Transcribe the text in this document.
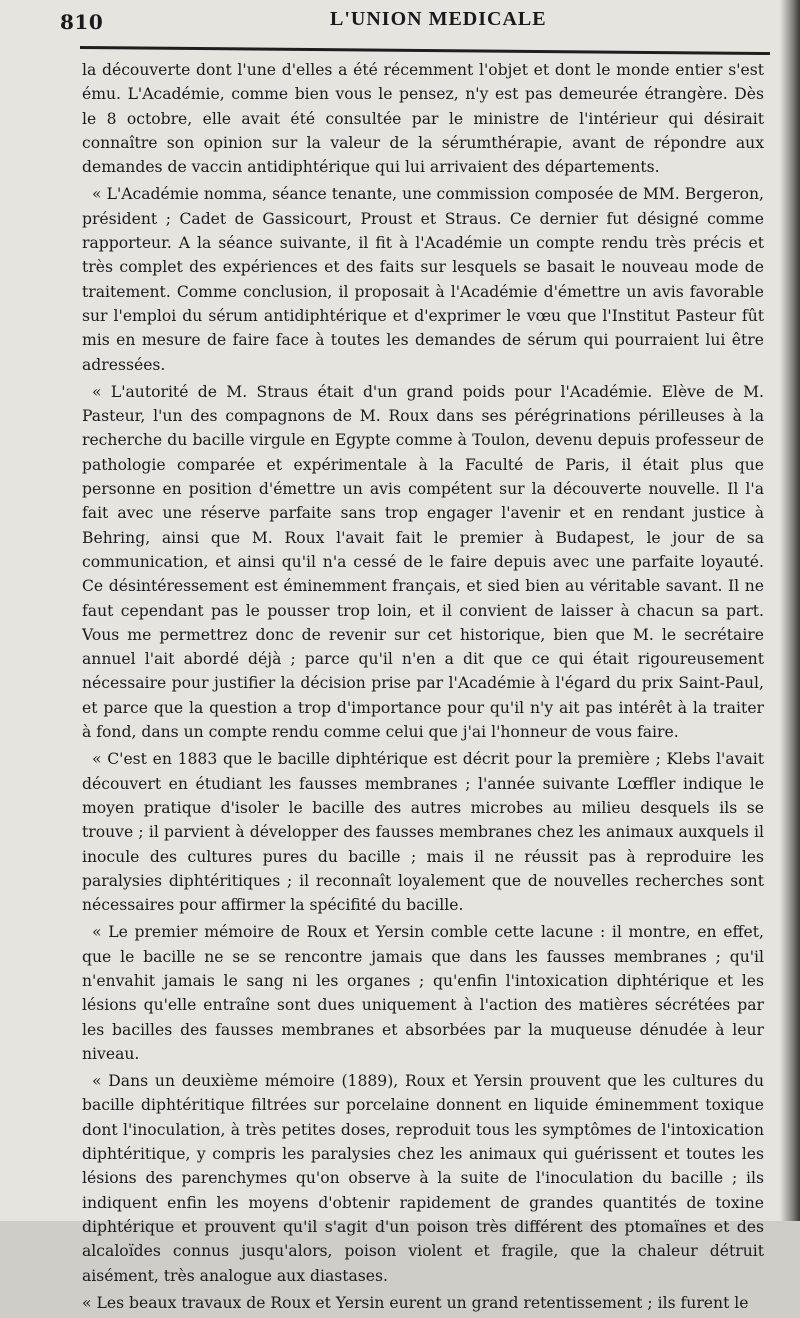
810	L'UNION MEDICALE

la découverte dont l'une d'elles a été récemment l'objet et dont le monde entier s'est ému. L'Académie, comme bien vous le pensez, n'y est pas demeurée étrangère. Dès le 8 octobre, elle avait été consultée par le ministre de l'intérieur qui désirait connaître son opinion sur la valeur de la sérumthérapie, avant de répondre aux demandes de vaccin antidiphtérique qui lui arrivaient des départements.

« L'Académie nomma, séance tenante, une commission composée de MM. Bergeron, président ; Cadet de Gassicourt, Proust et Straus. Ce dernier fut désigné comme rapporteur. A la séance suivante, il fit à l'Académie un compte rendu très précis et très complet des expériences et des faits sur lesquels se basait le nouveau mode de traitement. Comme conclusion, il proposait à l'Académie d'émettre un avis favorable sur l'emploi du sérum antidiphtérique et d'exprimer le vœu que l'Institut Pasteur fût mis en mesure de faire face à toutes les demandes de sérum qui pourraient lui être adressées.

« L'autorité de M. Straus était d'un grand poids pour l'Académie. Elève de M. Pasteur, l'un des compagnons de M. Roux dans ses pérégrinations périlleuses à la recherche du bacille virgule en Egypte comme à Toulon, devenu depuis professeur de pathologie comparée et expérimentale à la Faculté de Paris, il était plus que personne en position d'émettre un avis compétent sur la découverte nouvelle. Il l'a fait avec une réserve parfaite sans trop engager l'avenir et en rendant justice à Behring, ainsi que M. Roux l'avait fait le premier à Budapest, le jour de sa communication, et ainsi qu'il n'a cessé de le faire depuis avec une parfaite loyauté. Ce désintéressement est éminemment français, et sied bien au véritable savant. Il ne faut cependant pas le pousser trop loin, et il convient de laisser à chacun sa part. Vous me permettrez donc de revenir sur cet historique, bien que M. le secrétaire annuel l'ait abordé déjà ; parce qu'il n'en a dit que ce qui était rigoureusement nécessaire pour justifier la décision prise par l'Académie à l'égard du prix Saint-Paul, et parce que la question a trop d'importance pour qu'il n'y ait pas intérêt à la traiter à fond, dans un compte rendu comme celui que j'ai l'honneur de vous faire.

« C'est en 1883 que le bacille diphtérique est décrit pour la première ; Klebs l'avait découvert en étudiant les fausses membranes ; l'année suivante Lœffler indique le moyen pratique d'isoler le bacille des autres microbes au milieu desquels ils se trouve ; il parvient à développer des fausses membranes chez les animaux auxquels il inocule des cultures pures du bacille ; mais il ne réussit pas à reproduire les paralysies diphtéritiques ; il reconnaît loyalement que de nouvelles recherches sont nécessaires pour affirmer la spécifité du bacille.

« Le premier mémoire de Roux et Yersin comble cette lacune : il montre, en effet, que le bacille ne se se rencontre jamais que dans les fausses membranes ; qu'il n'envahit jamais le sang ni les organes ; qu'enfin l'intoxication diphtérique et les lésions qu'elle entraîne sont dues uniquement à l'action des matières sécrétées par les bacilles des fausses membranes et absorbées par la muqueuse dénudée à leur niveau.

« Dans un deuxième mémoire (1889), Roux et Yersin prouvent que les cultures du bacille diphtéritique filtrées sur porcelaine donnent en liquide éminemment toxique dont l'inoculation, à très petites doses, reproduit tous les symptômes de l'intoxication diphtéritique, y compris les paralysies chez les animaux qui guérissent et toutes les lésions des parenchymes qu'on observe à la suite de l'inoculation du bacille ; ils indiquent enfin les moyens d'obtenir rapidement de grandes quantités de toxine diphtérique et prouvent qu'il s'agit d'un poison très différent des ptomaïnes et des alcaloïdes connus jusqu'alors, poison violent et fragile, que la chaleur détruit aisément, très analogue aux diastases.

« Les beaux travaux de Roux et Yersin eurent un grand retentissement ; ils furent le
